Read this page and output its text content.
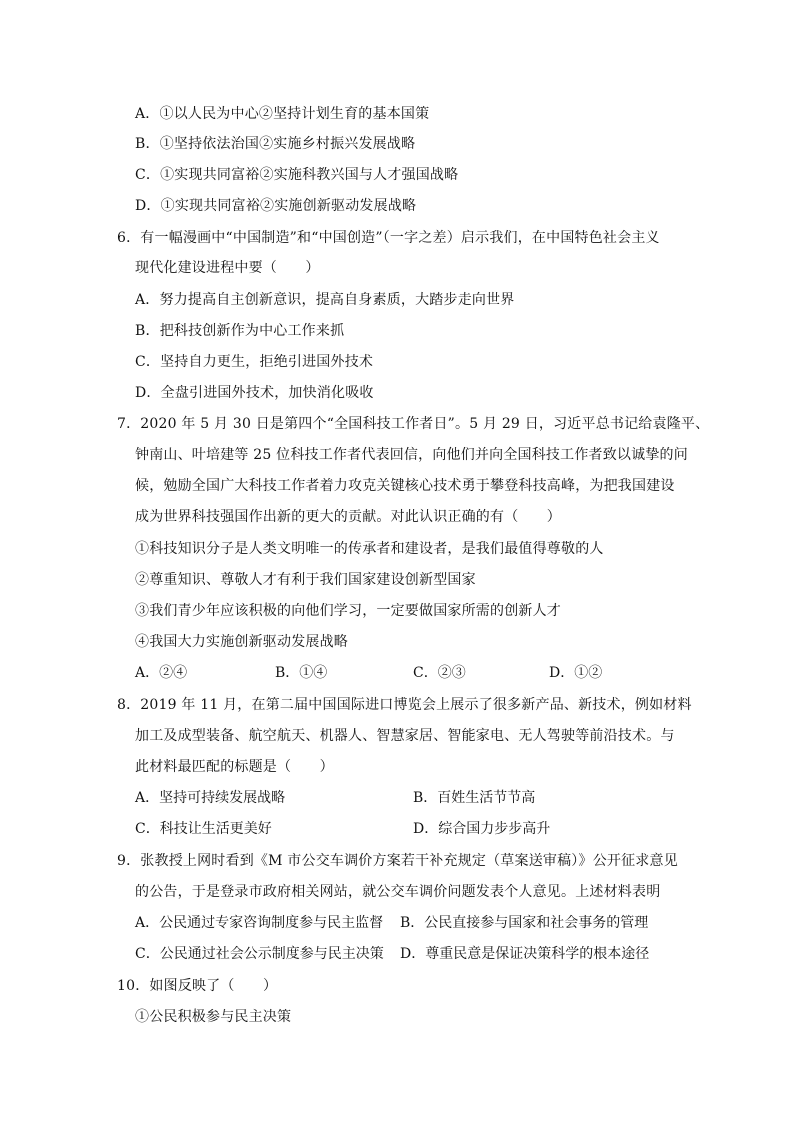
A．①以人民为中心②坚持计划生育的基本国策
B．①坚持依法治国②实施乡村振兴发展战略
C．①实现共同富裕②实施科教兴国与人才强国战略
D．①实现共同富裕②实施创新驱动发展战略
6．有一幅漫画中“中国制造”和“中国创造”（一字之差）启示我们，在中国特色社会主义
现代化建设进程中要（　　）
A．努力提高自主创新意识，提高自身素质，大踏步走向世界
B．把科技创新作为中心工作来抓
C．坚持自力更生，拒绝引进国外技术
D．全盘引进国外技术，加快消化吸收
7．2020 年 5 月 30 日是第四个“全国科技工作者日”。5 月 29 日，习近平总书记给袁隆平、
钟南山、叶培建等 25 位科技工作者代表回信，向他们并向全国科技工作者致以诚挚的问
候，勉励全国广大科技工作者着力攻克关键核心技术勇于攀登科技高峰，为把我国建设
成为世界科技强国作出新的更大的贡献。对此认识正确的有（　　）
①科技知识分子是人类文明唯一的传承者和建设者，是我们最值得尊敬的人
②尊重知识、尊敬人才有利于我们国家建设创新型国家
③我们青少年应该积极的向他们学习，一定要做国家所需的创新人才
④我国大力实施创新驱动发展战略
A．②④	B．①④	C．②③	D．①②
8．2019 年 11 月，在第二届中国国际进口博览会上展示了很多新产品、新技术，例如材料
加工及成型装备、航空航天、机器人、智慧家居、智能家电、无人驾驶等前沿技术。与
此材料最匹配的标题是（　　）
A．坚持可持续发展战略	B．百姓生活节节高
C．科技让生活更美好	D．综合国力步步高升
9．张教授上网时看到《M 市公交车调价方案若干补充规定（草案送审稿）》公开征求意见
的公告，于是登录市政府相关网站，就公交车调价问题发表个人意见。上述材料表明
A．公民通过专家咨询制度参与民主监督 B．公民直接参与国家和社会事务的管理
C．公民通过社会公示制度参与民主决策 D．尊重民意是保证决策科学的根本途径
10．如图反映了（　　）
①公民积极参与民主决策
